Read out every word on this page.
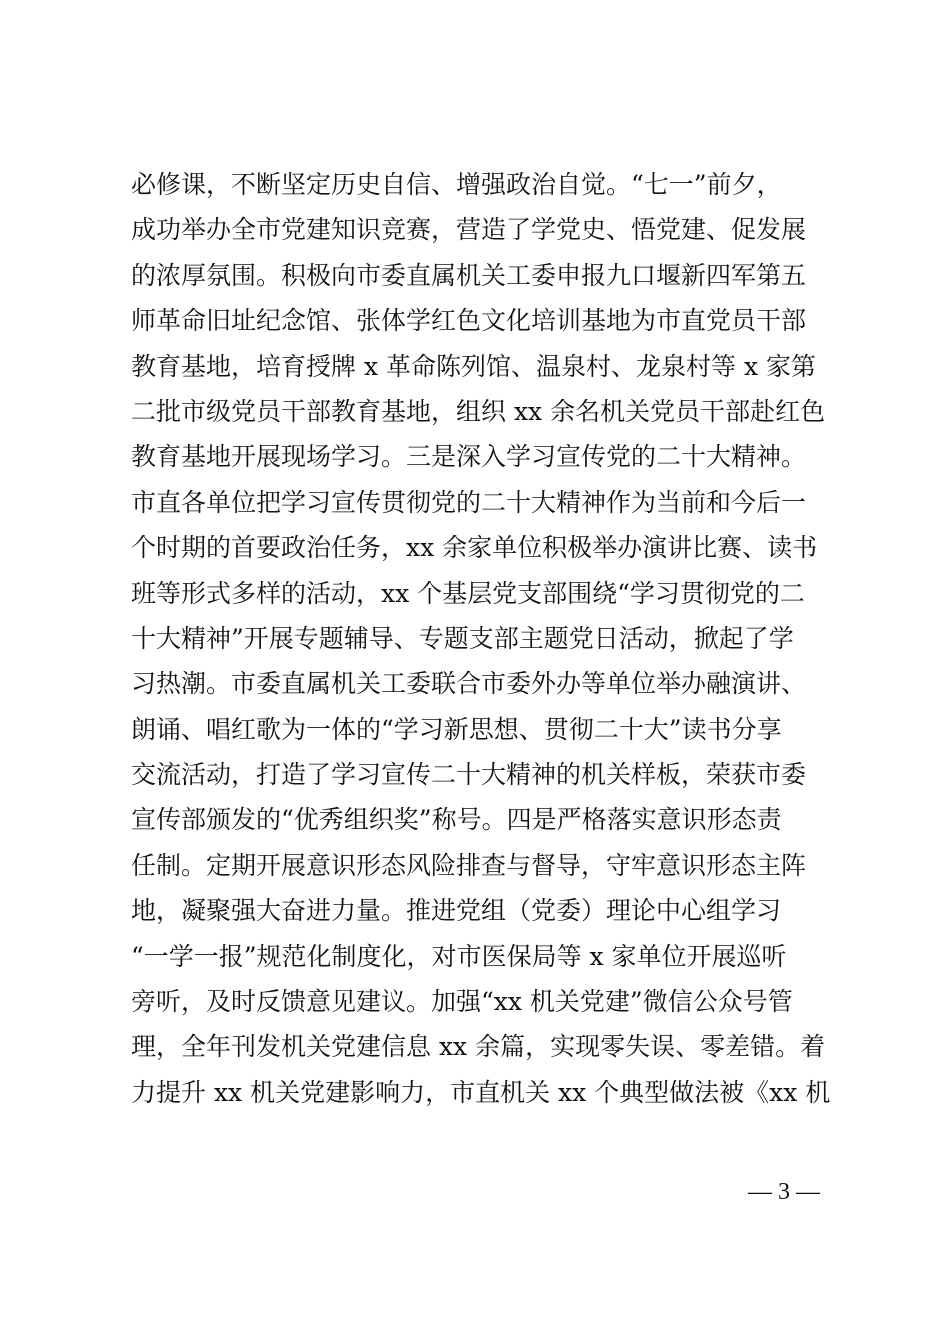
必修课，不断坚定历史自信、增强政治自觉。“七一”前夕，
成功举办全市党建知识竞赛，营造了学党史、悟党建、促发展
的浓厚氛围。积极向市委直属机关工委申报九口堰新四军第五
师革命旧址纪念馆、张体学红色文化培训基地为市直党员干部
教育基地，培育授牌 x 革命陈列馆、温泉村、龙泉村等 x 家第
二批市级党员干部教育基地，组织 xx 余名机关党员干部赴红色
教育基地开展现场学习。三是深入学习宣传党的二十大精神。
市直各单位把学习宣传贯彻党的二十大精神作为当前和今后一
个时期的首要政治任务，xx 余家单位积极举办演讲比赛、读书
班等形式多样的活动，xx 个基层党支部围绕“学习贯彻党的二
十大精神”开展专题辅导、专题支部主题党日活动，掀起了学
习热潮。市委直属机关工委联合市委外办等单位举办融演讲、
朗诵、唱红歌为一体的“学习新思想、贯彻二十大”读书分享
交流活动，打造了学习宣传二十大精神的机关样板，荣获市委
宣传部颁发的“优秀组织奖”称号。四是严格落实意识形态责
任制。定期开展意识形态风险排查与督导，守牢意识形态主阵
地，凝聚强大奋进力量。推进党组（党委）理论中心组学习
“一学一报”规范化制度化，对市医保局等 x 家单位开展巡听
旁听，及时反馈意见建议。加强“xx 机关党建”微信公众号管
理，全年刊发机关党建信息 xx 余篇，实现零失误、零差错。着
力提升 xx 机关党建影响力，市直机关 xx 个典型做法被《xx 机
— 3 —
